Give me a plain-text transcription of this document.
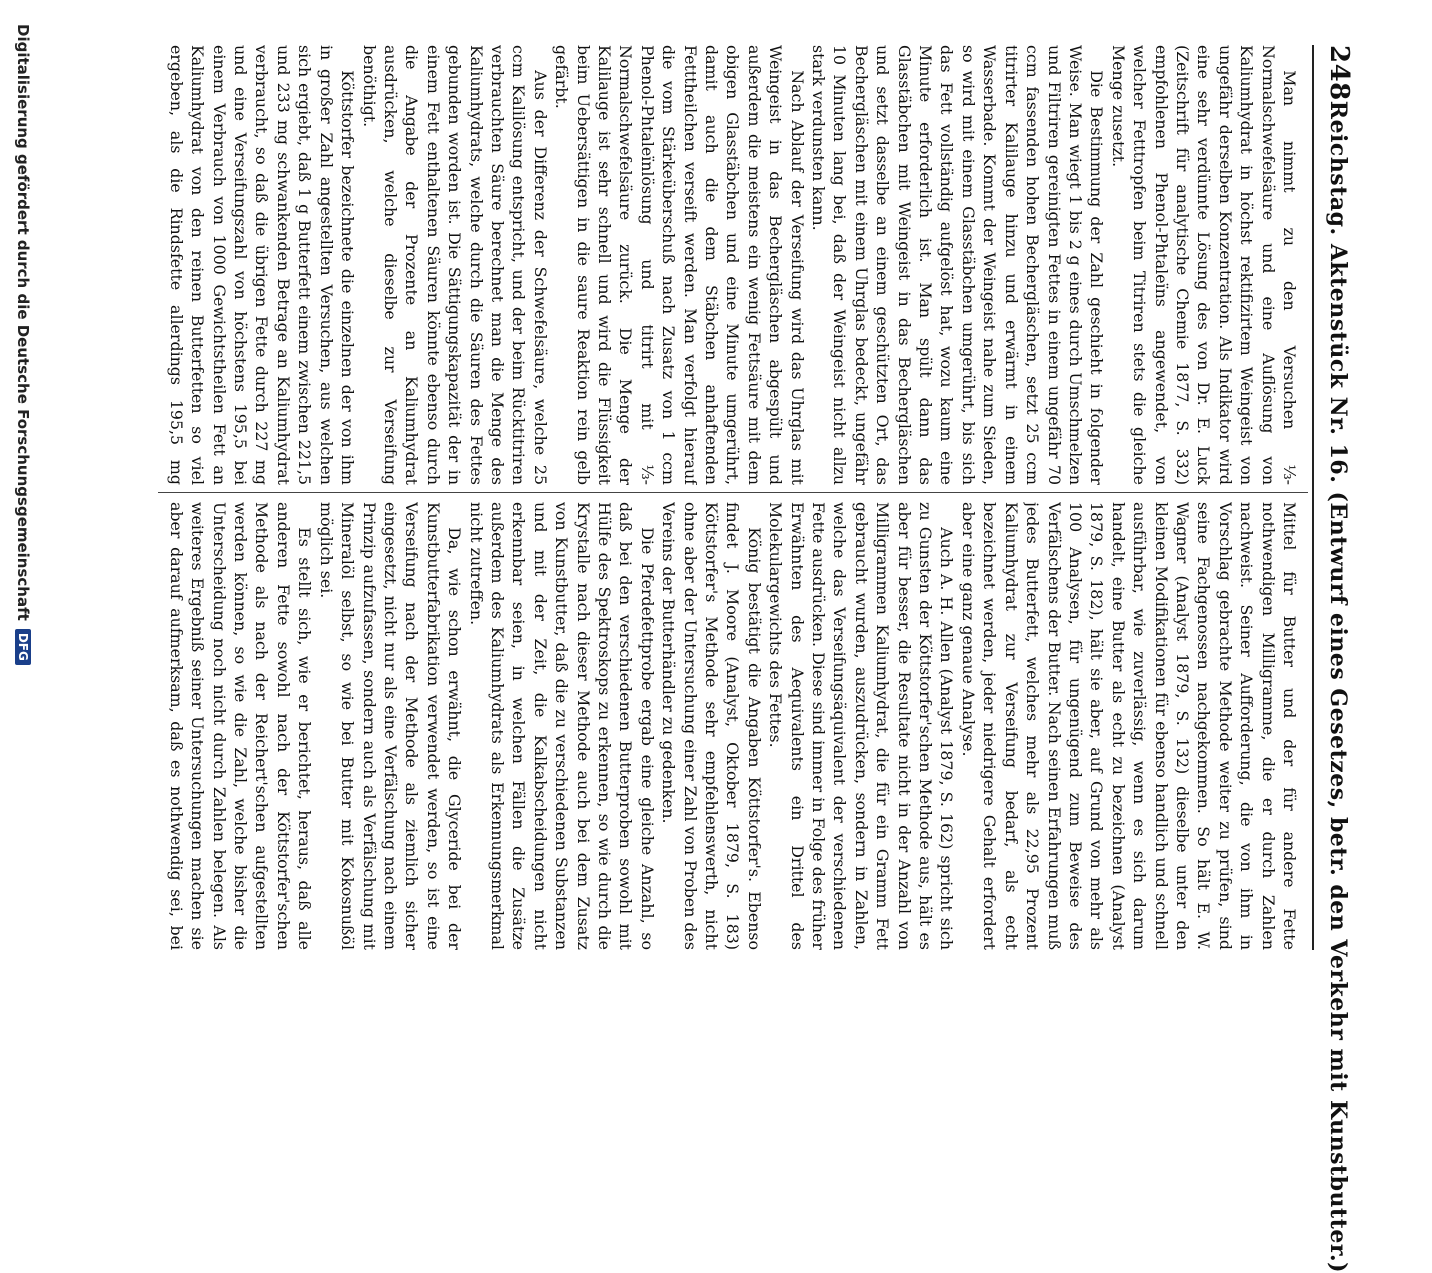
248
Reichstag. Aktenstück Nr. 16. (Entwurf eines Gesetzes, betr. den Verkehr mit Kunstbutter.)

Man nimmt zu den Versuchen ⅓-Normalschwefelsäure und eine Auflösung von Kaliumhydrat in höchst rektifizirtem Weingeist von ungefähr derselben Konzentration. Als Indikator wird eine sehr verdünnte Lösung des von Dr. E. Luck (Zeitschrift für analytische Chemie 1877, S. 332) empfohlenen Phenol-Phtaleïns angewendet, von welcher Fetttropfen beim Titriren stets die gleiche Menge zusetzt.

Die Bestimmung der Zahl geschieht in folgender Weise. Man wiegt 1 bis 2 g eines durch Umschmelzen und Filtriren gereinigten Fettes in einem ungefähr 70 ccm fassenden hohen Bechergläschen, setzt 25 ccm titrirter Kalilauge hinzu und erwärmt in einem Wasserbade. Kommt der Weingeist nahe zum Sieden, so wird mit einem Glasstäbchen umgerührt, bis sich das Fett vollständig aufgelöst hat, wozu kaum eine Minute erforderlich ist. Man spült dann das Glasstäbchen mit Weingeist in das Bechergläschen und setzt dasselbe an einem geschützten Ort, das Bechergläschen mit einem Uhrglas bedeckt, ungefähr 10 Minuten lang bei, daß der Weingeist nicht allzu stark verdunsten kann.

Nach Ablauf der Verseifung wird das Uhrglas mit Weingeist in das Bechergläschen abgespült und außerdem die meistens ein wenig Fettsäure mit dem obigen Glasstäbchen und eine Minute umgerührt, damit auch die dem Stäbchen anhaftenden Fetttheilchen verseift werden. Man verfolgt hierauf die vom Stärkeüberschuß nach Zusatz von 1 ccm Phenol-Phtaleïnlösung und titrirt mit ⅓-Normalschwefelsäure zurück. Die Menge der Kalilauge ist sehr schnell und wird die Flüssigkeit beim Uebersättigen in die saure Reaktion rein gelb gefärbt.

Aus der Differenz der Schwefelsäure, welche 25 ccm Kalilösung entspricht, und der beim Rücktitriren verbrauchten Säure berechnet man die Menge des Kaliumhydrats, welche durch die Säuren des Fettes gebunden worden ist. Die Sättigungskapazität der in einem Fett enthaltenen Säuren könnte ebenso durch die Angabe der Prozente an Kaliumhydrat ausdrücken, welche dieselbe zur Verseifung benöthigt.

Köttstorfer bezeichnete die einzelnen der von ihm in großer Zahl angestellten Versuchen, aus welchen sich ergiebt, daß 1 g Butterfett einem zwischen 221,5 und 233 mg schwankenden Betrage an Kaliumhydrat verbraucht, so daß die übrigen Fette durch 227 mg und eine Verseifungszahl von höchstens 195,5 bei einem Verbrauch von 1000 Gewichtstheilen Fett an Kaliumhydrat von den reinen Butterfetten so viel ergeben, als die Rindsfette allerdings 195,5 mg

Mittel für Butter und der für andere Fette nothwendigen Milligramme, die er durch Zahlen nachweist. Seiner Aufforderung, die von ihm in Vorschlag gebrachte Methode weiter zu prüfen, sind seine Fachgenossen nachgekommen. So hält E. W. Wagner (Analyst 1879, S. 132) dieselbe unter den kleinen Modifikationen für ebenso handlich und schnell ausführbar, wie zuverlässig, wenn es sich darum handelt, eine Butter als echt zu bezeichnen (Analyst 1879, S. 182), hält sie aber, auf Grund von mehr als 100 Analysen, für ungenügend zum Beweise des Verfälschens der Butter. Nach seinen Erfahrungen muß jedes Butterfett, welches mehr als 22,95 Prozent Kaliumhydrat zur Verseifung bedarf, als echt bezeichnet werden, jeder niedrigere Gehalt erfordert aber eine ganz genaue Analyse.

Auch A. H. Allen (Analyst 1879, S. 162) spricht sich zu Gunsten der Köttstorfer'schen Methode aus, hält es aber für besser, die Resultate nicht in der Anzahl von Milligrammen Kaliumhydrat, die für ein Gramm Fett gebraucht wurden, auszudrücken, sondern in Zahlen, welche das Verseifungsäquivalent der verschiedenen Fette ausdrücken. Diese sind immer in Folge des früher Erwähnten des Aequivalents ein Drittel des Molekulargewichts des Fettes.

König bestätigt die Angaben Köttstorfer's. Ebenso findet J. Moore (Analyst, Oktober 1879, S. 183) Köttstorfer's Methode sehr empfehlenswerth, nicht ohne aber der Untersuchung einer Zahl von Proben des Vereins der Butterhändler zu gedenken.

Die Pferdefettprobe ergab eine gleiche Anzahl, so daß bei den verschiedenen Butterproben sowohl mit Hülfe des Spektroskops zu erkennen, so wie durch die Krystalle nach dieser Methode auch bei dem Zusatz von Kunstbutter, daß die zu verschiedenen Substanzen und mit der Zeit, die Kalkabscheidungen nicht erkennbar seien, in welchen Fällen die Zusätze außerdem des Kaliumhydrats als Erkennungsmerkmal nicht zutreffen.

Da, wie schon erwähnt, die Glyceride bei der Kunstbutterfabrikation verwendet werden, so ist eine Verseifung nach der Methode als ziemlich sicher eingesetzt, nicht nur als eine Verfälschung nach einem Prinzip aufzufassen, sondern auch als Verfälschung mit Mineralöl selbst, so wie bei Butter mit Kokosnußöl möglich sei.

Es stellt sich, wie er berichtet, heraus, daß alle anderen Fette sowohl nach der Köttstorfer'schen Methode als nach der Reichert'schen aufgestellten werden können, so wie die Zahl, welche bisher die Unterscheidung noch nicht durch Zahlen belegen. Als weiteres Ergebniß seiner Untersuchungen machen sie aber darauf aufmerksam, daß es nothwendig sei, bei

Digitalisierung gefördert durch die Deutsche Forschungsgemeinschaft
DFG
